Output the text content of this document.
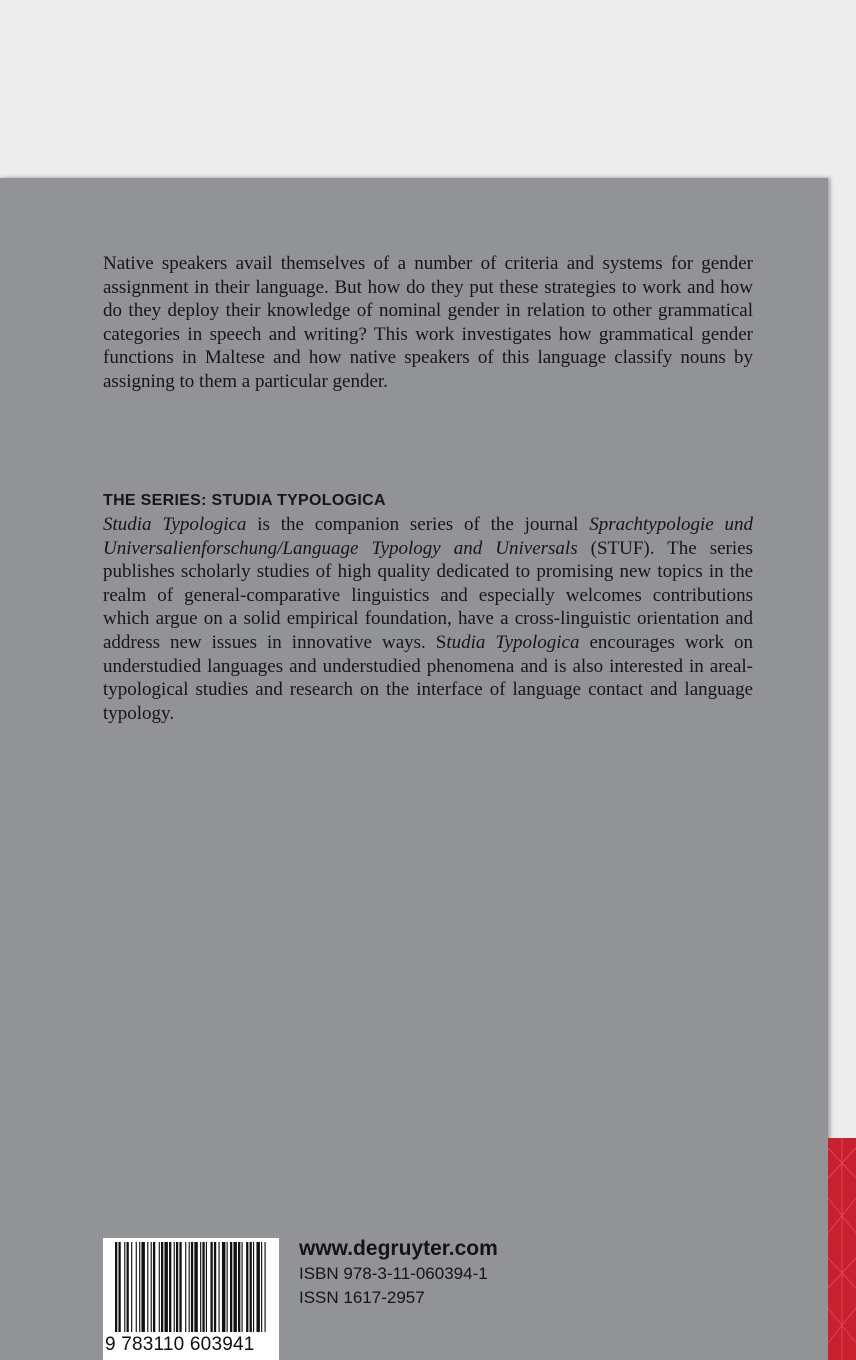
Native speakers avail themselves of a number of criteria and systems for gender assignment in their language. But how do they put these strategies to work and how do they deploy their knowledge of nominal gender in relation to other grammatical categories in speech and writing? This work investigates how grammatical gender functions in Maltese and how native speakers of this language classify nouns by assigning to them a particular gender.

THE SERIES: STUDIA TYPOLOGICA

Studia Typologica is the companion series of the journal Sprachtypologie und Universalienforschung/Language Typology and Universals (STUF). The series publishes scholarly studies of high quality dedicated to promising new topics in the realm of general-comparative linguistics and especially welcomes contributions which argue on a solid empirical foundation, have a cross-linguistic orientation and address new issues in innovative ways. Studia Typologica encourages work on understudied languages and understudied phenomena and is also interested in areal-typological studies and research on the interface of language contact and language typology.

9 783110 603941
www.degruyter.com
ISBN 978-3-11-060394-1
ISSN 1617-2957
